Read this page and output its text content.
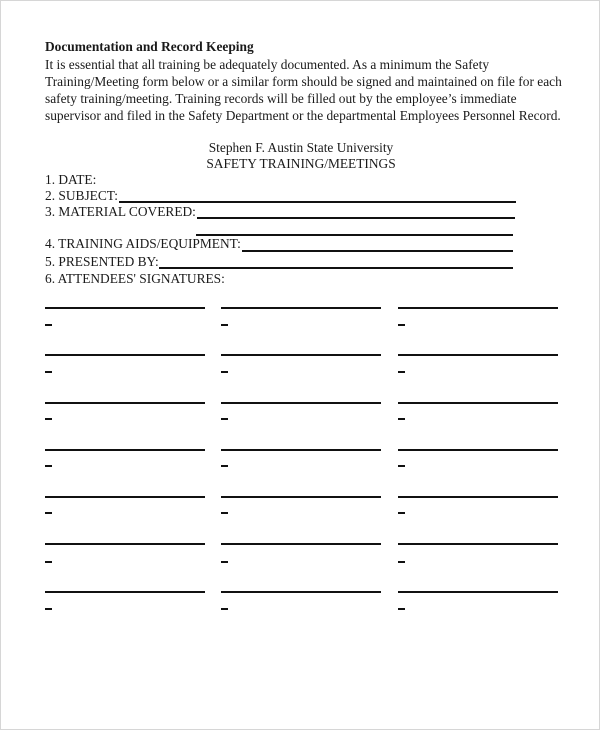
Documentation and Record Keeping
It is essential that all training be adequately documented. As a minimum the Safety
Training/Meeting form below or a similar form should be signed and maintained on file for each
safety training/meeting. Training records will be filled out by the employee’s immediate
supervisor and filed in the Safety Department or the departmental Employees Personnel Record.
Stephen F. Austin State University
SAFETY TRAINING/MEETINGS
1. DATE:
2. SUBJECT:
3. MATERIAL COVERED:
4. TRAINING AIDS/EQUIPMENT:
5. PRESENTED BY:
6. ATTENDEES' SIGNATURES:
